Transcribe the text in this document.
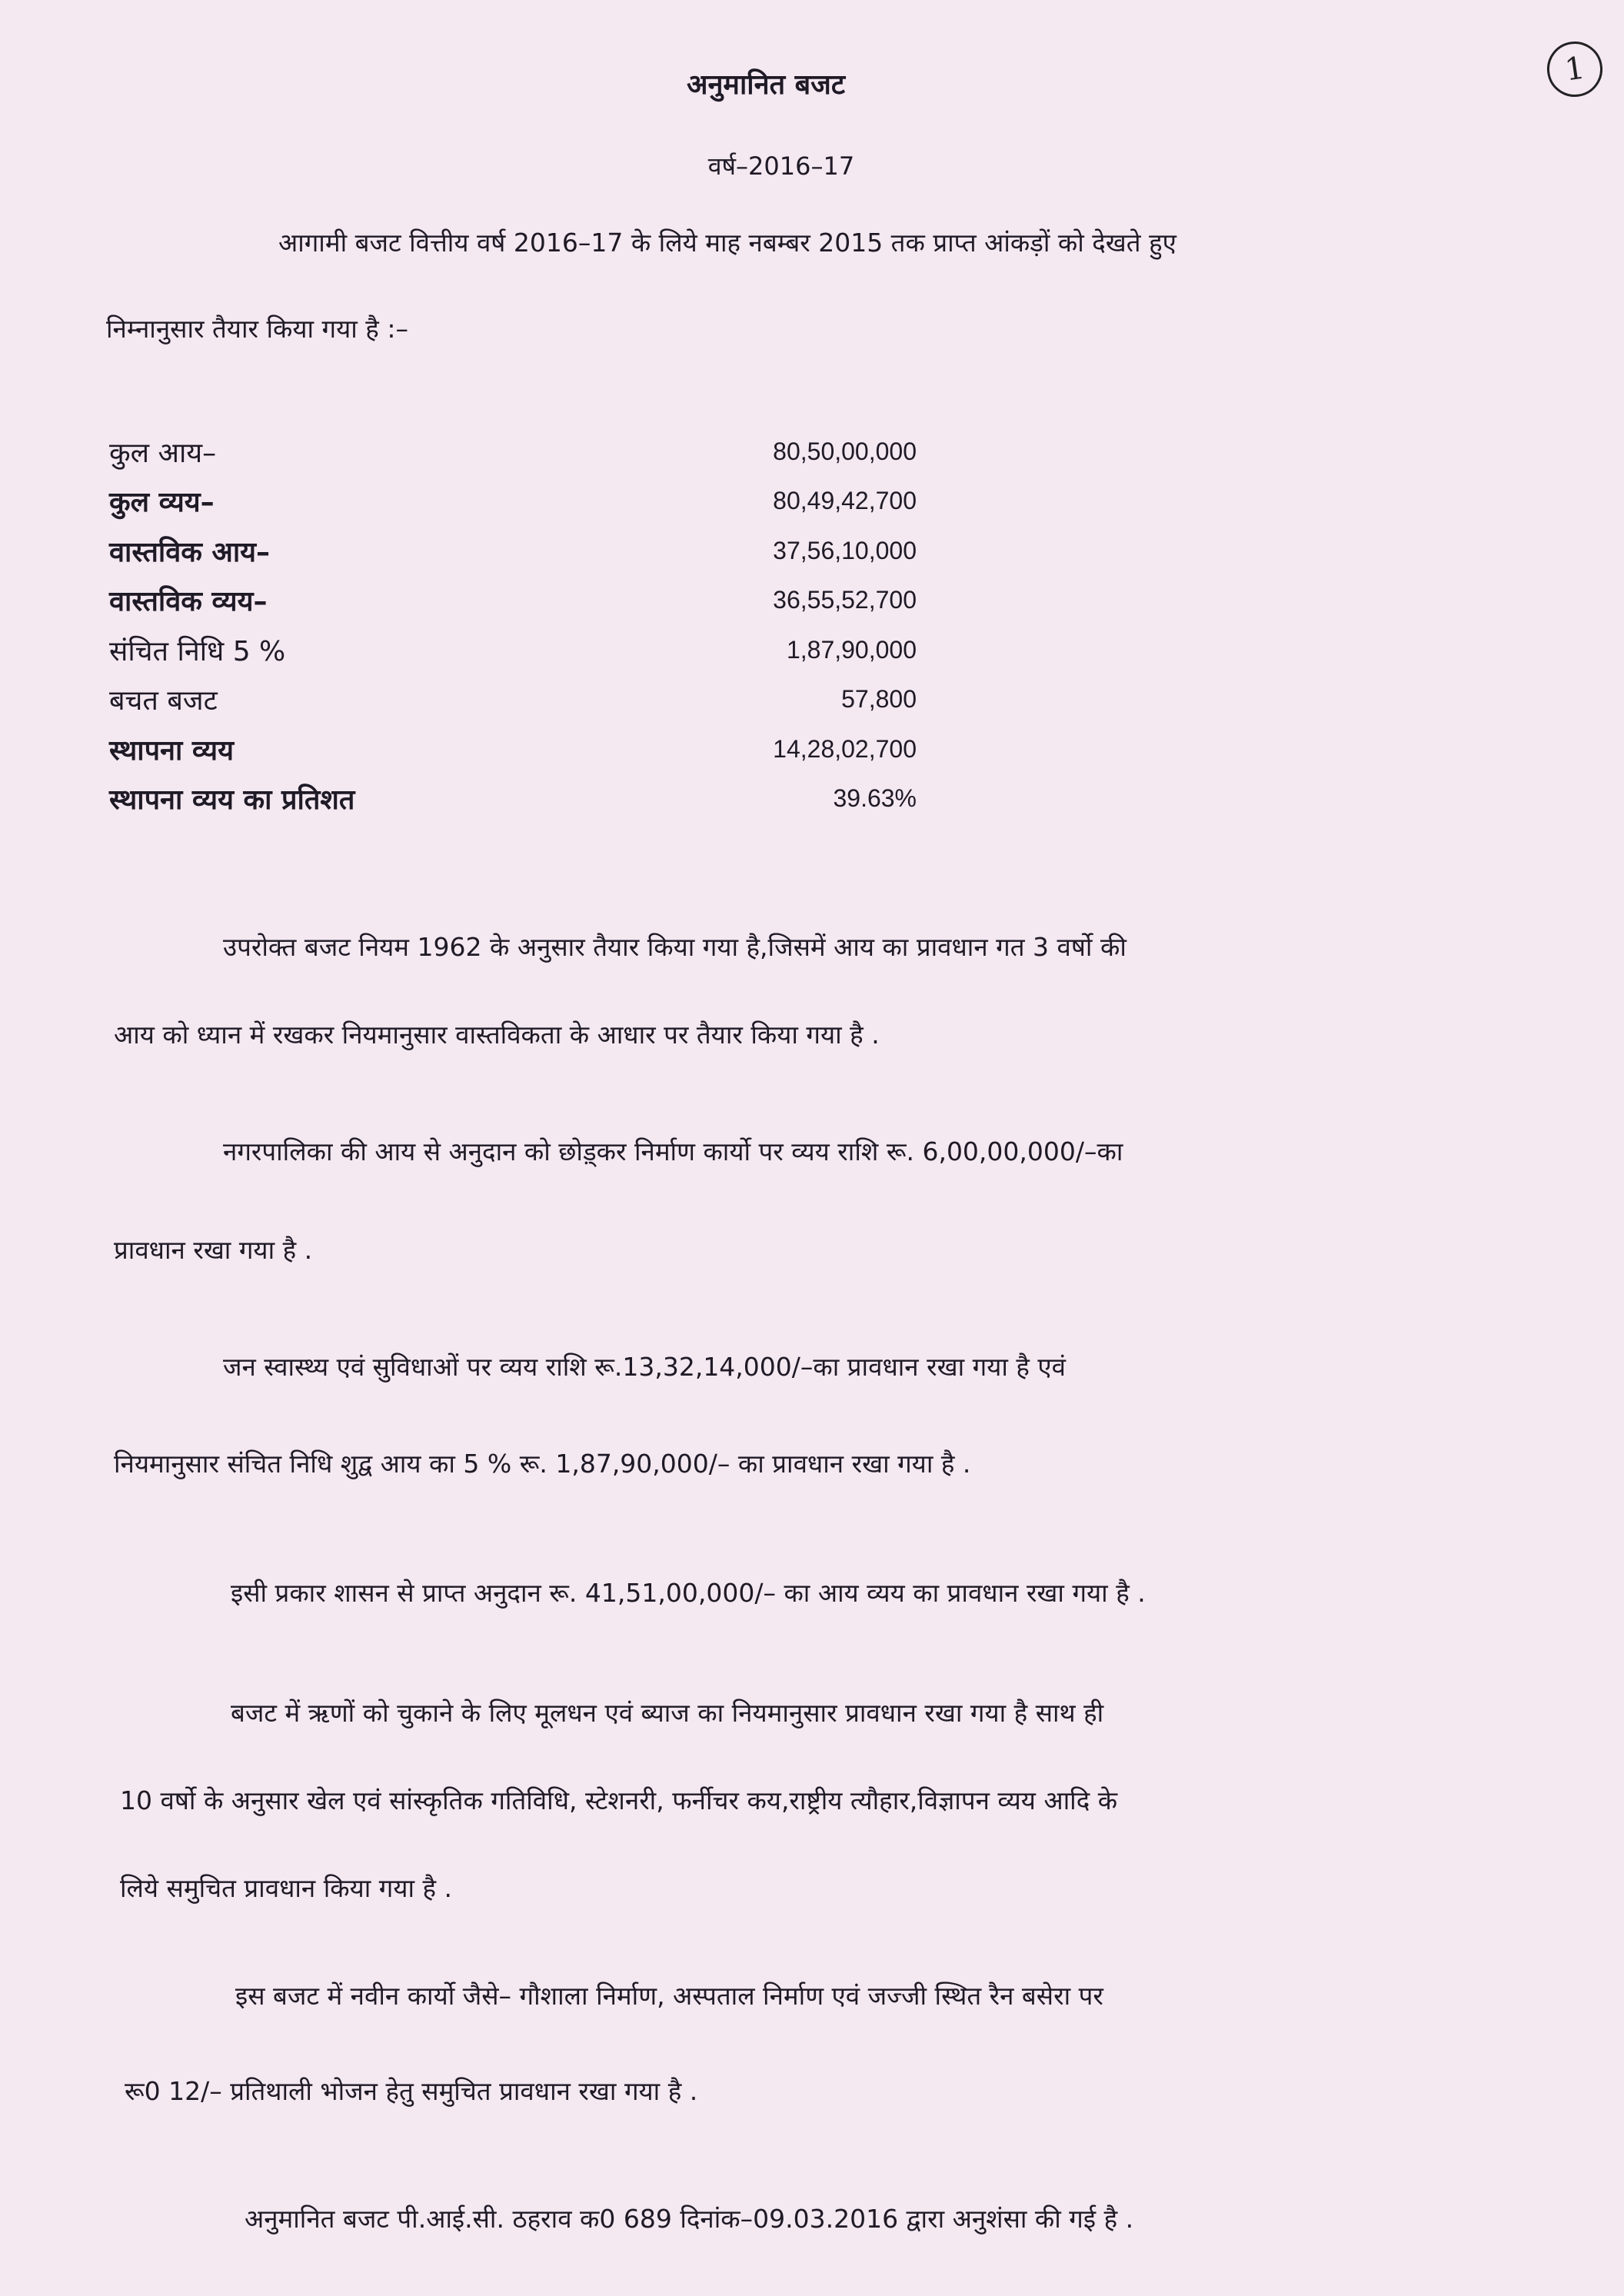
1
अनुमानित बजट
वर्ष–2016–17
आगामी बजट वित्तीय वर्ष 2016–17 के लिये माह नबम्बर 2015 तक प्राप्त आंकड़ों को देखते हुए
निम्नानुसार तैयार किया गया है :–
कुल आय–	80,50,00,000
कुल व्यय–	80,49,42,700
वास्तविक आय–	37,56,10,000
वास्तविक व्यय–	36,55,52,700
संचित निधि 5 %	1,87,90,000
बचत बजट	57,800
स्थापना व्यय	14,28,02,700
स्थापना व्यय का प्रतिशत	39.63%
उपरोक्त बजट नियम 1962 के अनुसार तैयार किया गया है,जिसमें आय का प्रावधान गत 3 वर्षो की
आय को ध्यान में रखकर नियमानुसार वास्तविकता के आधार पर तैयार किया गया है .
नगरपालिका की आय से अनुदान को छोड़्कर निर्माण कार्यो पर व्यय राशि रू. 6,00,00,000/–का
प्रावधान रखा गया है .
जन स्वास्थ्य एवं सुविधाओं पर व्यय राशि रू.13,32,14,000/–का प्रावधान रखा गया है एवं
नियमानुसार संचित निधि शुद्व आय का 5 % रू. 1,87,90,000/– का प्रावधान रखा गया है .
इसी प्रकार शासन से प्राप्त अनुदान रू. 41,51,00,000/– का आय व्यय का प्रावधान रखा गया है .
बजट में ऋणों को चुकाने के लिए मूलधन एवं ब्याज का नियमानुसार प्रावधान रखा गया है साथ ही
10 वर्षो के अनुसार खेल एवं सांस्कृतिक गतिविधि, स्टेशनरी, फर्नीचर कय,राष्ट्रीय त्यौहार,विज्ञापन व्यय आदि के
लिये समुचित प्रावधान किया गया है .
इस बजट में नवीन कार्यो जैसे– गौशाला निर्माण, अस्पताल निर्माण एवं जज्जी स्थित रैन बसेरा पर
रू0 12/– प्रतिथाली भोजन हेतु समुचित प्रावधान रखा गया है .
अनुमानित बजट पी.आई.सी. ठहराव क0 689 दिनांक–09.03.2016 द्वारा अनुशंसा की गई है .
